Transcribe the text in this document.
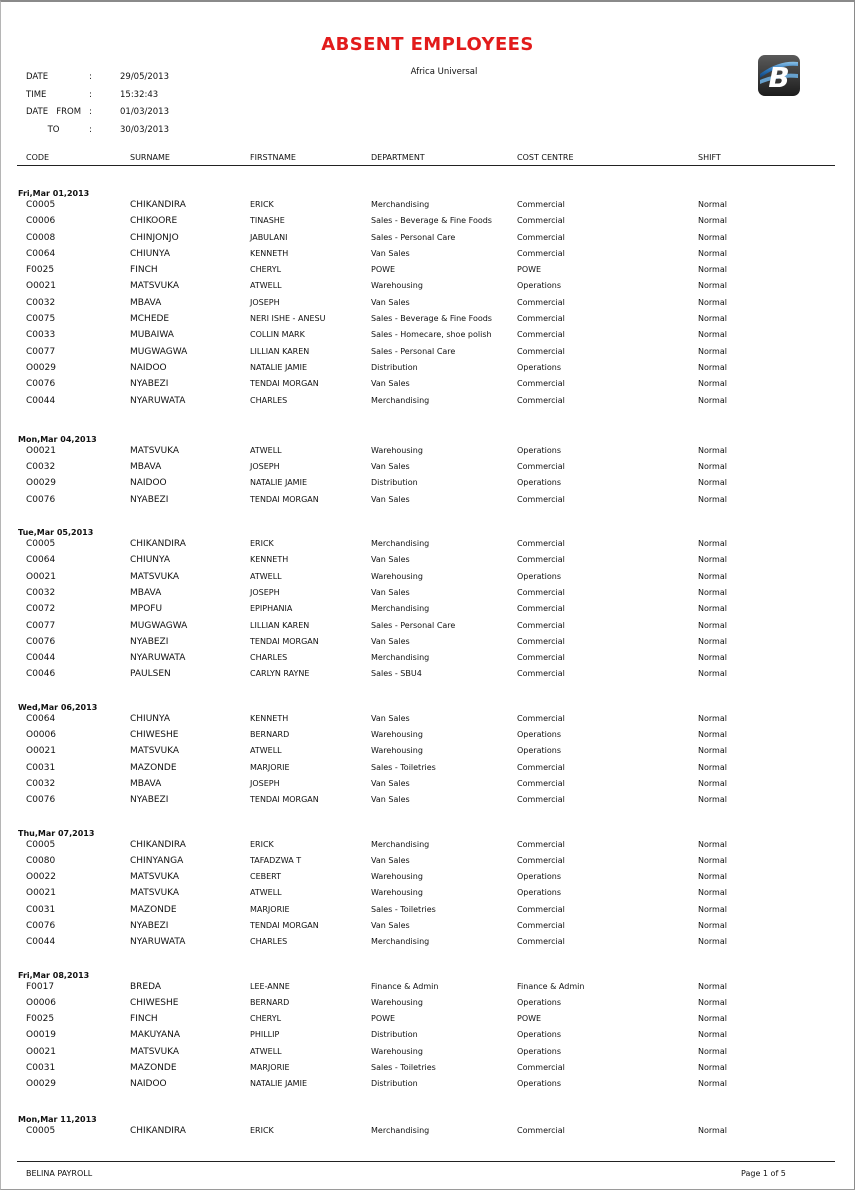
ABSENT EMPLOYEES
Africa Universal
DATE	:	29/05/2013
TIME	:	15:32:43
DATE   FROM :	01/03/2013
TO	:	30/03/2013
B
CODE	SURNAME	FIRSTNAME	DEPARTMENT	COST CENTRE	SHIFT
Fri,Mar 01,2013
C0005	CHIKANDIRA	ERICK	Merchandising	Commercial	Normal
C0006	CHIKOORE	TINASHE	Sales - Beverage & Fine Foods	Commercial	Normal
C0008	CHINJONJO	JABULANI	Sales - Personal Care	Commercial	Normal
C0064	CHIUNYA	KENNETH	Van Sales	Commercial	Normal
F0025	FINCH	CHERYL	POWE	POWE	Normal
O0021	MATSVUKA	ATWELL	Warehousing	Operations	Normal
C0032	MBAVA	JOSEPH	Van Sales	Commercial	Normal
C0075	MCHEDE	NERI ISHE - ANESU	Sales - Beverage & Fine Foods	Commercial	Normal
C0033	MUBAIWA	COLLIN MARK	Sales - Homecare, shoe polish	Commercial	Normal
C0077	MUGWAGWA	LILLIAN KAREN	Sales - Personal Care	Commercial	Normal
O0029	NAIDOO	NATALIE JAMIE	Distribution	Operations	Normal
C0076	NYABEZI	TENDAI MORGAN	Van Sales	Commercial	Normal
C0044	NYARUWATA	CHARLES	Merchandising	Commercial	Normal
Mon,Mar 04,2013
O0021	MATSVUKA	ATWELL	Warehousing	Operations	Normal
C0032	MBAVA	JOSEPH	Van Sales	Commercial	Normal
O0029	NAIDOO	NATALIE JAMIE	Distribution	Operations	Normal
C0076	NYABEZI	TENDAI MORGAN	Van Sales	Commercial	Normal
Tue,Mar 05,2013
C0005	CHIKANDIRA	ERICK	Merchandising	Commercial	Normal
C0064	CHIUNYA	KENNETH	Van Sales	Commercial	Normal
O0021	MATSVUKA	ATWELL	Warehousing	Operations	Normal
C0032	MBAVA	JOSEPH	Van Sales	Commercial	Normal
C0072	MPOFU	EPIPHANIA	Merchandising	Commercial	Normal
C0077	MUGWAGWA	LILLIAN KAREN	Sales - Personal Care	Commercial	Normal
C0076	NYABEZI	TENDAI MORGAN	Van Sales	Commercial	Normal
C0044	NYARUWATA	CHARLES	Merchandising	Commercial	Normal
C0046	PAULSEN	CARLYN RAYNE	Sales - SBU4	Commercial	Normal
Wed,Mar 06,2013
C0064	CHIUNYA	KENNETH	Van Sales	Commercial	Normal
O0006	CHIWESHE	BERNARD	Warehousing	Operations	Normal
O0021	MATSVUKA	ATWELL	Warehousing	Operations	Normal
C0031	MAZONDE	MARJORIE	Sales - Toiletries	Commercial	Normal
C0032	MBAVA	JOSEPH	Van Sales	Commercial	Normal
C0076	NYABEZI	TENDAI MORGAN	Van Sales	Commercial	Normal
Thu,Mar 07,2013
C0005	CHIKANDIRA	ERICK	Merchandising	Commercial	Normal
C0080	CHINYANGA	TAFADZWA T	Van Sales	Commercial	Normal
O0022	MATSVUKA	CEBERT	Warehousing	Operations	Normal
O0021	MATSVUKA	ATWELL	Warehousing	Operations	Normal
C0031	MAZONDE	MARJORIE	Sales - Toiletries	Commercial	Normal
C0076	NYABEZI	TENDAI MORGAN	Van Sales	Commercial	Normal
C0044	NYARUWATA	CHARLES	Merchandising	Commercial	Normal
Fri,Mar 08,2013
F0017	BREDA	LEE-ANNE	Finance & Admin	Finance & Admin	Normal
O0006	CHIWESHE	BERNARD	Warehousing	Operations	Normal
F0025	FINCH	CHERYL	POWE	POWE	Normal
O0019	MAKUYANA	PHILLIP	Distribution	Operations	Normal
O0021	MATSVUKA	ATWELL	Warehousing	Operations	Normal
C0031	MAZONDE	MARJORIE	Sales - Toiletries	Commercial	Normal
O0029	NAIDOO	NATALIE JAMIE	Distribution	Operations	Normal
Mon,Mar 11,2013
C0005	CHIKANDIRA	ERICK	Merchandising	Commercial	Normal
BELINA PAYROLL	Page 1 of 5
